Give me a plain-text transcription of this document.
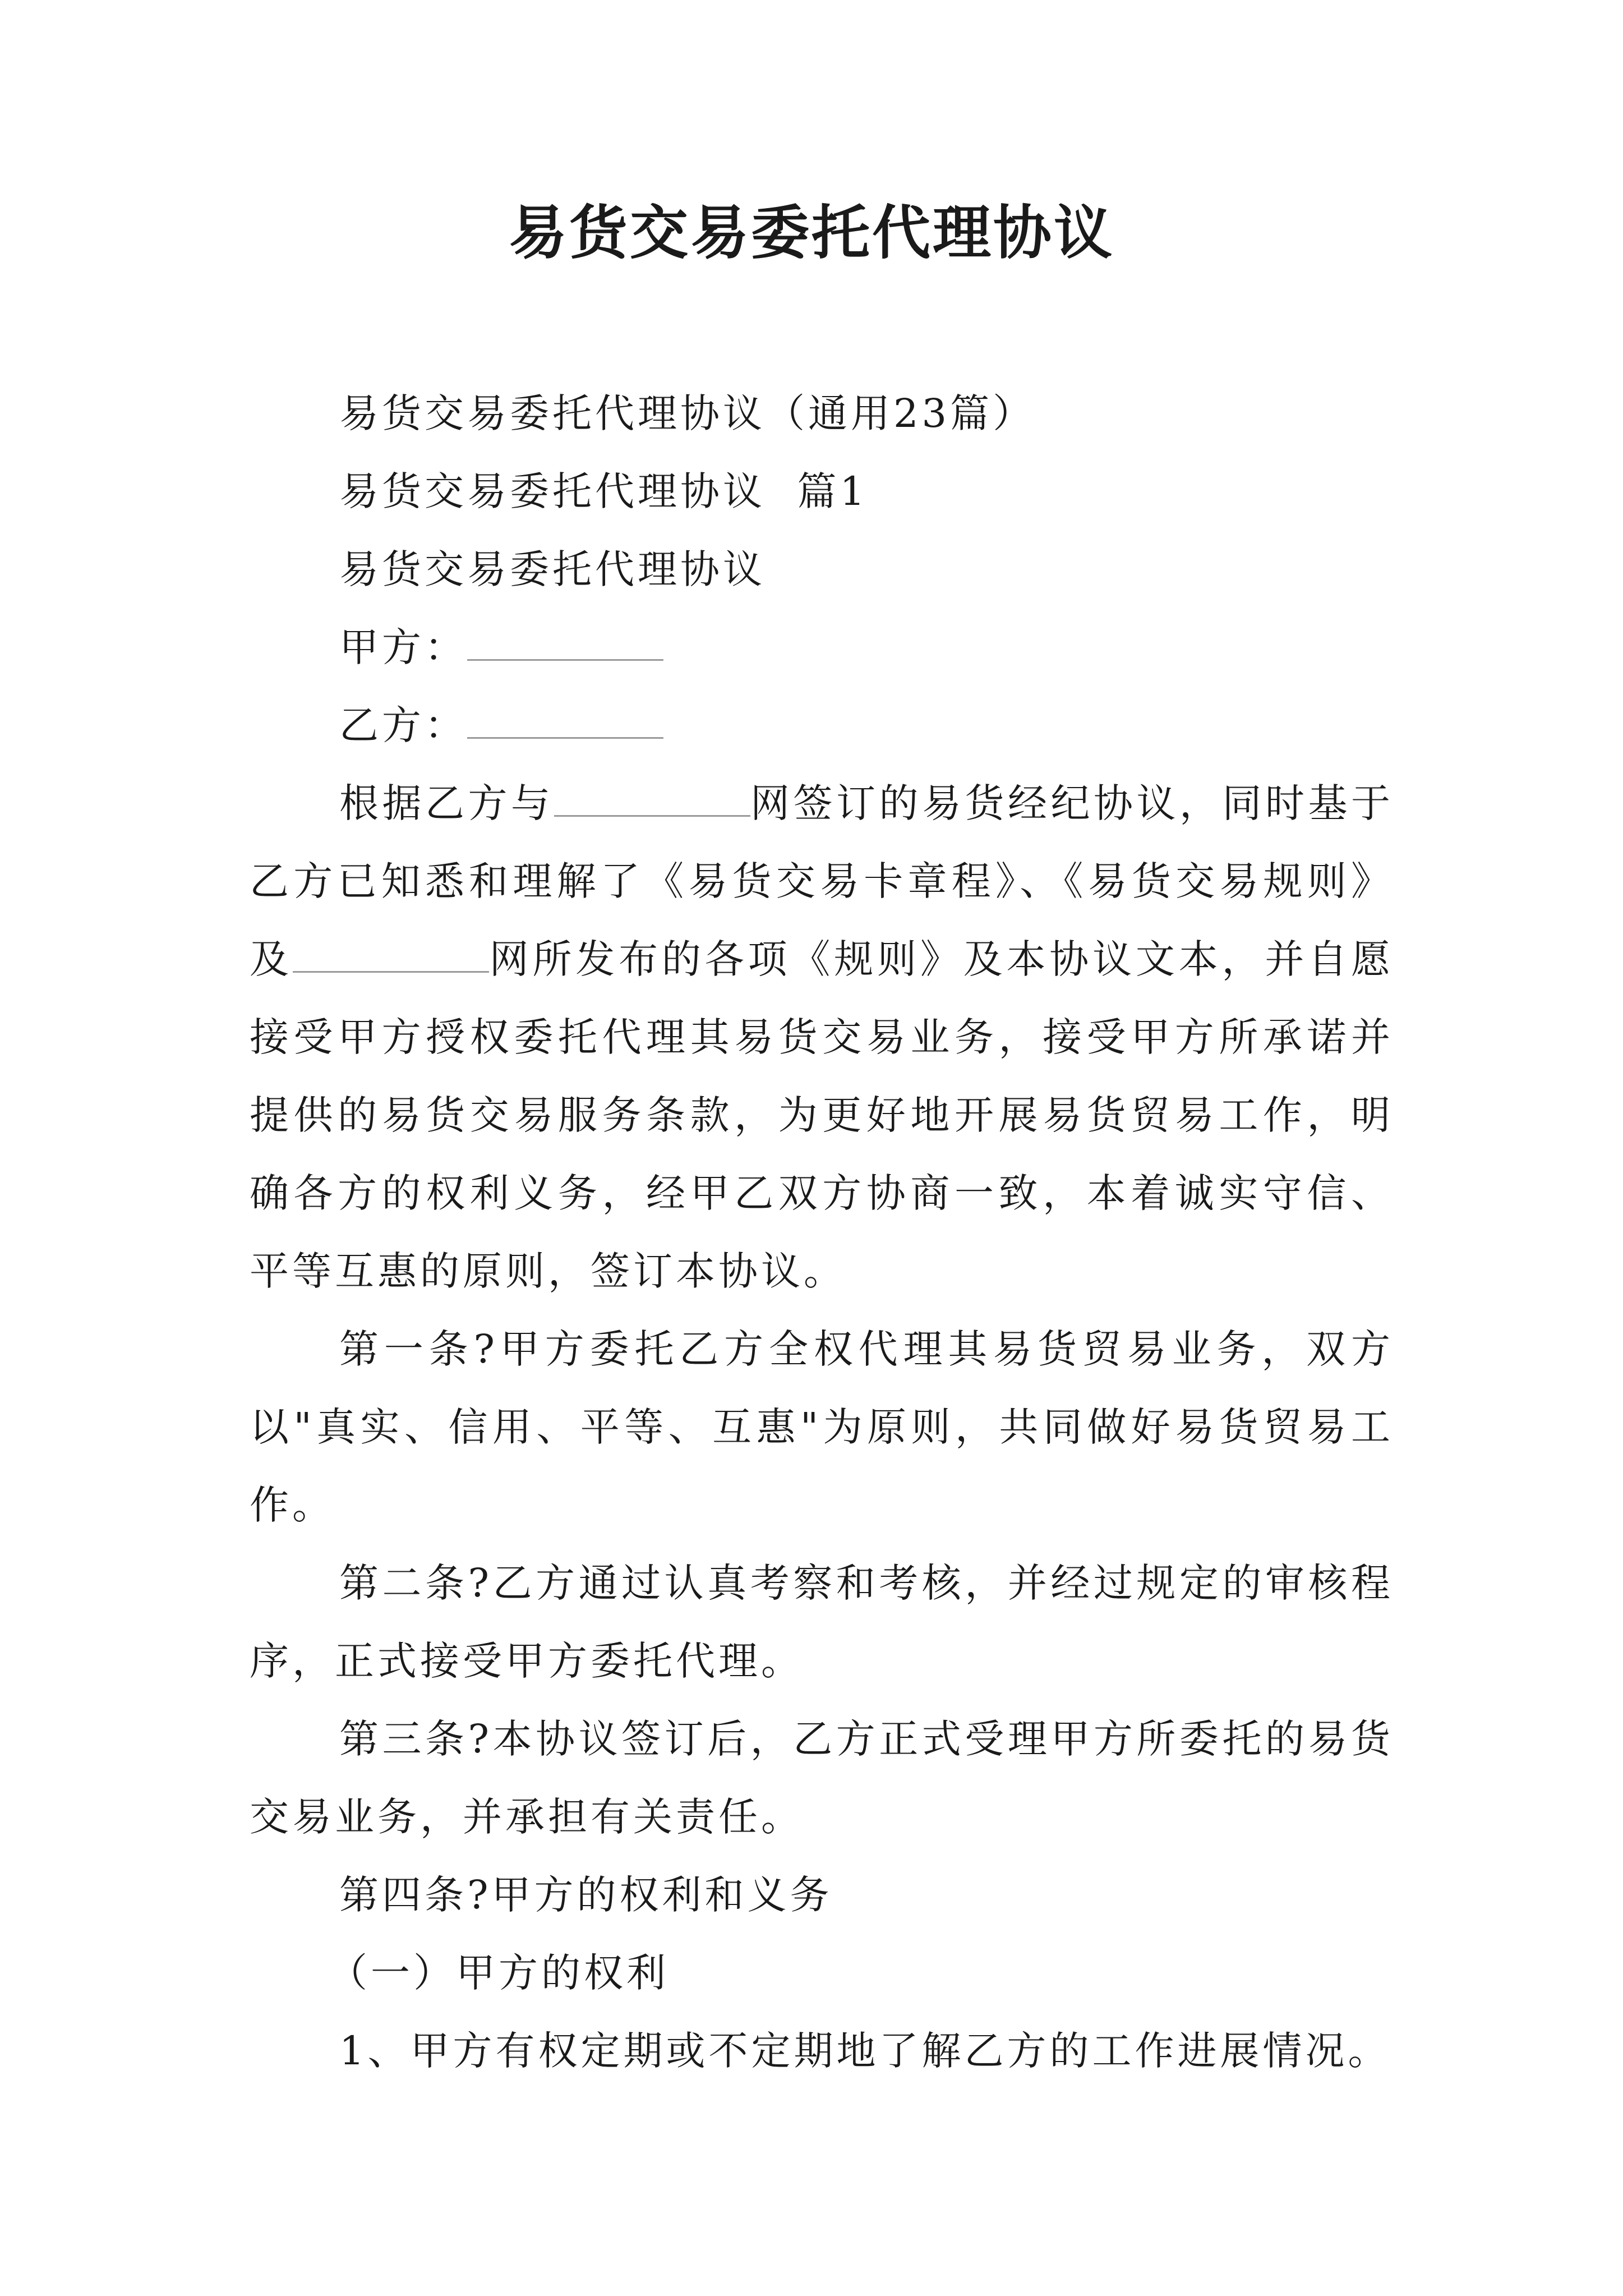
易货交易委托代理协议

易货交易委托代理协议（通用23篇）

易货交易委托代理协议  篇1

易货交易委托代理协议

甲方：

乙方：

根据乙方与	网签订的易货经纪协议，同时基于乙方已知悉和理解了《易货交易卡章程》、《易货交易规则》及	网所发布的各项《规则》及本协议文本，并自愿接受甲方授权委托代理其易货交易业务，接受甲方所承诺并提供的易货交易服务条款，为更好地开展易货贸易工作，明确各方的权利义务，经甲乙双方协商一致，本着诚实守信、平等互惠的原则，签订本协议。

第一条?甲方委托乙方全权代理其易货贸易业务，双方以"真实、信用、平等、互惠"为原则，共同做好易货贸易工作。

第二条?乙方通过认真考察和考核，并经过规定的审核程序，正式接受甲方委托代理。

第三条?本协议签订后，乙方正式受理甲方所委托的易货交易业务，并承担有关责任。

第四条?甲方的权利和义务

（一）甲方的权利

1、甲方有权定期或不定期地了解乙方的工作进展情况。
